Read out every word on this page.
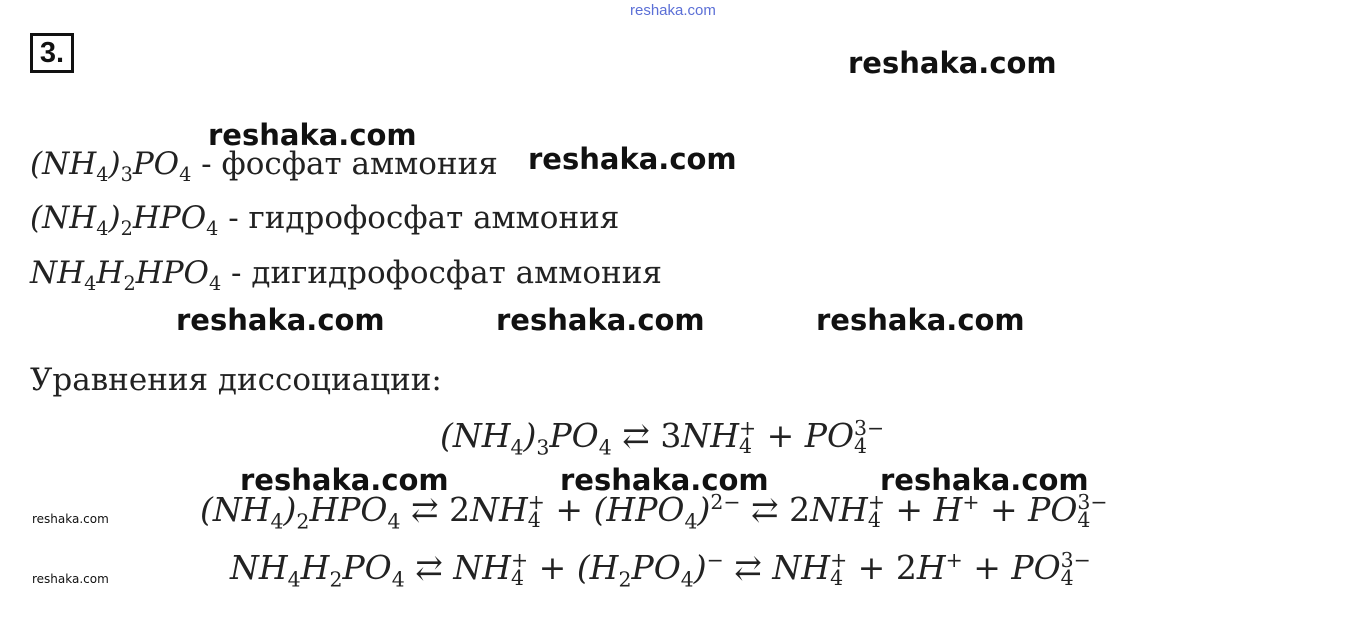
reshaka.com
3.	reshaka.com
reshaka.com
reshaka.com
reshaka.com	reshaka.com	reshaka.com
reshaka.com	reshaka.com	reshaka.com
reshaka.com
reshaka.com
$(NH_4)_3PO_4$ - фосфат аммония
$(NH_4)_2HPO_4$ - гидрофосфат аммония
$NH_4H_2HPO_4$ - дигидрофосфат аммония
Уравнения диссоциации:
$(NH_4)_3PO_4$ ⇄ 3NH +
4 + PO 3−
4
$(NH_4)_2HPO_4$ ⇄ 2NH +
$4 + (HPO_4)^{2-}$ ⇄ 2NH +
4 + H+ + PO 3−
4
$NH_4H_2PO_4$ ⇄ NH +
$4 + (H_2PO_4)^-$ ⇄ NH +
4 + 2H+ + PO 3−
4
